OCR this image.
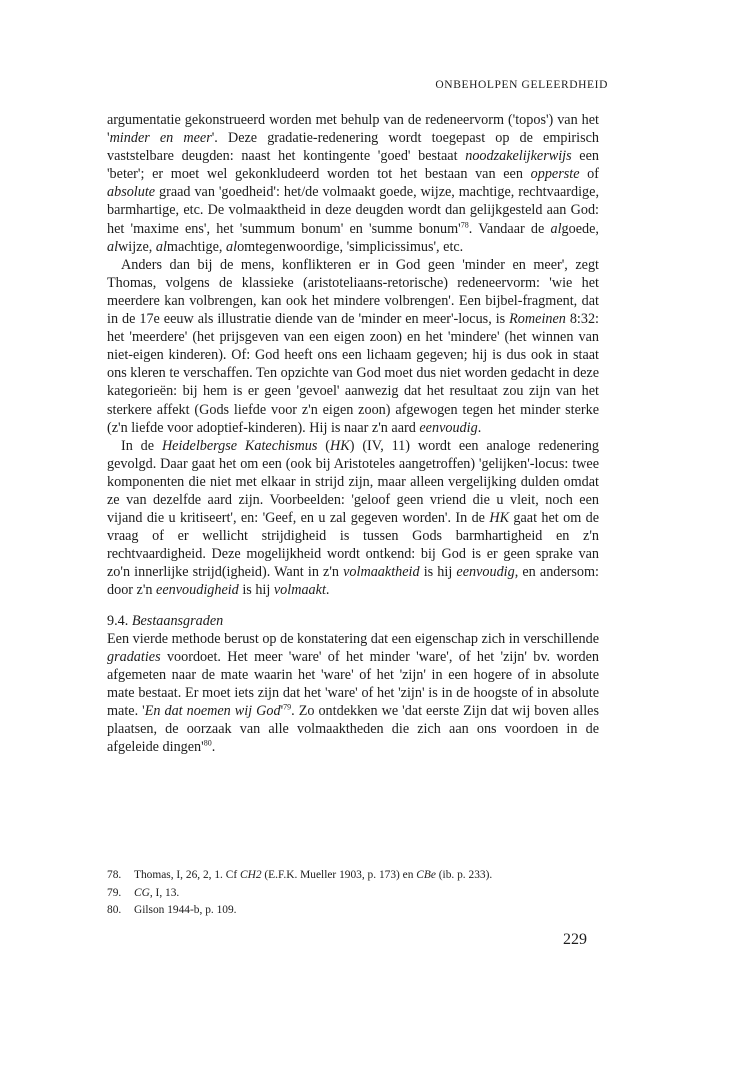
ONBEHOLPEN GELEERDHEID

argumentatie gekonstrueerd worden met behulp van de redeneervorm ('topos') van het 'minder en meer'. Deze gradatie-redenering wordt toegepast op de empirisch vaststelbare deugden: naast het kontingente 'goed' bestaat noodzakelijkerwijs een 'beter'; er moet wel gekonkludeerd worden tot het bestaan van een opperste of absolute graad van 'goedheid': het/de volmaakt goede, wijze, machtige, rechtvaardige, barmhartige, etc. De volmaaktheid in deze deugden wordt dan gelijkgesteld aan God: het 'maxime ens', het 'summum bonum' en 'summe $bonum'^{78}$. Vandaar de algoede, alwijze, almachtige, alomtegenwoordige, 'simplicissimus', etc.

Anders dan bij de mens, konflikteren er in God geen 'minder en meer', zegt Thomas, volgens de klassieke (aristoteliaans-retorische) redeneervorm: 'wie het meerdere kan volbrengen, kan ook het mindere volbrengen'. Een bijbel-fragment, dat in de 17e eeuw als illustratie diende van de 'minder en meer'-locus, is Romeinen 8:32: het 'meerdere' (het prijsgeven van een eigen zoon) en het 'mindere' (het winnen van niet-eigen kinderen). Of: God heeft ons een lichaam gegeven; hij is dus ook in staat ons kleren te verschaffen. Ten opzichte van God moet dus niet worden gedacht in deze kategorieën: bij hem is er geen 'gevoel' aanwezig dat het resultaat zou zijn van het sterkere affekt (Gods liefde voor z'n eigen zoon) afgewogen tegen het minder sterke (z'n liefde voor adoptief-kinderen). Hij is naar z'n aard eenvoudig.

In de Heidelbergse Katechismus (HK) (IV, 11) wordt een analoge redenering gevolgd. Daar gaat het om een (ook bij Aristoteles aangetroffen) 'gelijken'-locus: twee komponenten die niet met elkaar in strijd zijn, maar alleen vergelijking dulden omdat ze van dezelfde aard zijn. Voorbeelden: 'geloof geen vriend die u vleit, noch een vijand die u kritiseert', en: 'Geef, en u zal gegeven worden'. In de HK gaat het om de vraag of er wellicht strijdigheid is tussen Gods barmhartigheid en z'n rechtvaardigheid. Deze mogelijkheid wordt ontkend: bij God is er geen sprake van zo'n innerlijke strijd(igheid). Want in z'n volmaaktheid is hij eenvoudig, en andersom: door z'n eenvoudigheid is hij volmaakt.

9.4. Bestaansgraden

Een vierde methode berust op de konstatering dat een eigenschap zich in verschillende gradaties voordoet. Het meer 'ware' of het minder 'ware', of het 'zijn' bv. worden afgemeten naar de mate waarin het 'ware' of het 'zijn' in een hogere of in absolute mate bestaat. Er moet iets zijn dat het 'ware' of het 'zijn' is in de hoogste of in absolute mate. 'En dat noemen wij $God'^{79}$. Zo ontdekken we 'dat eerste Zijn dat wij boven alles plaatsen, de oorzaak van alle volmaaktheden die zich aan ons voordoen in de afgeleide $dingen'^{80}$.

78.	Thomas, I, 26, 2, 1. Cf CH2 (E.F.K. Mueller 1903, p. 173) en CBe (ib. p. 233).
79.	CG, I, 13.
80.	Gilson 1944-b, p. 109.
229
